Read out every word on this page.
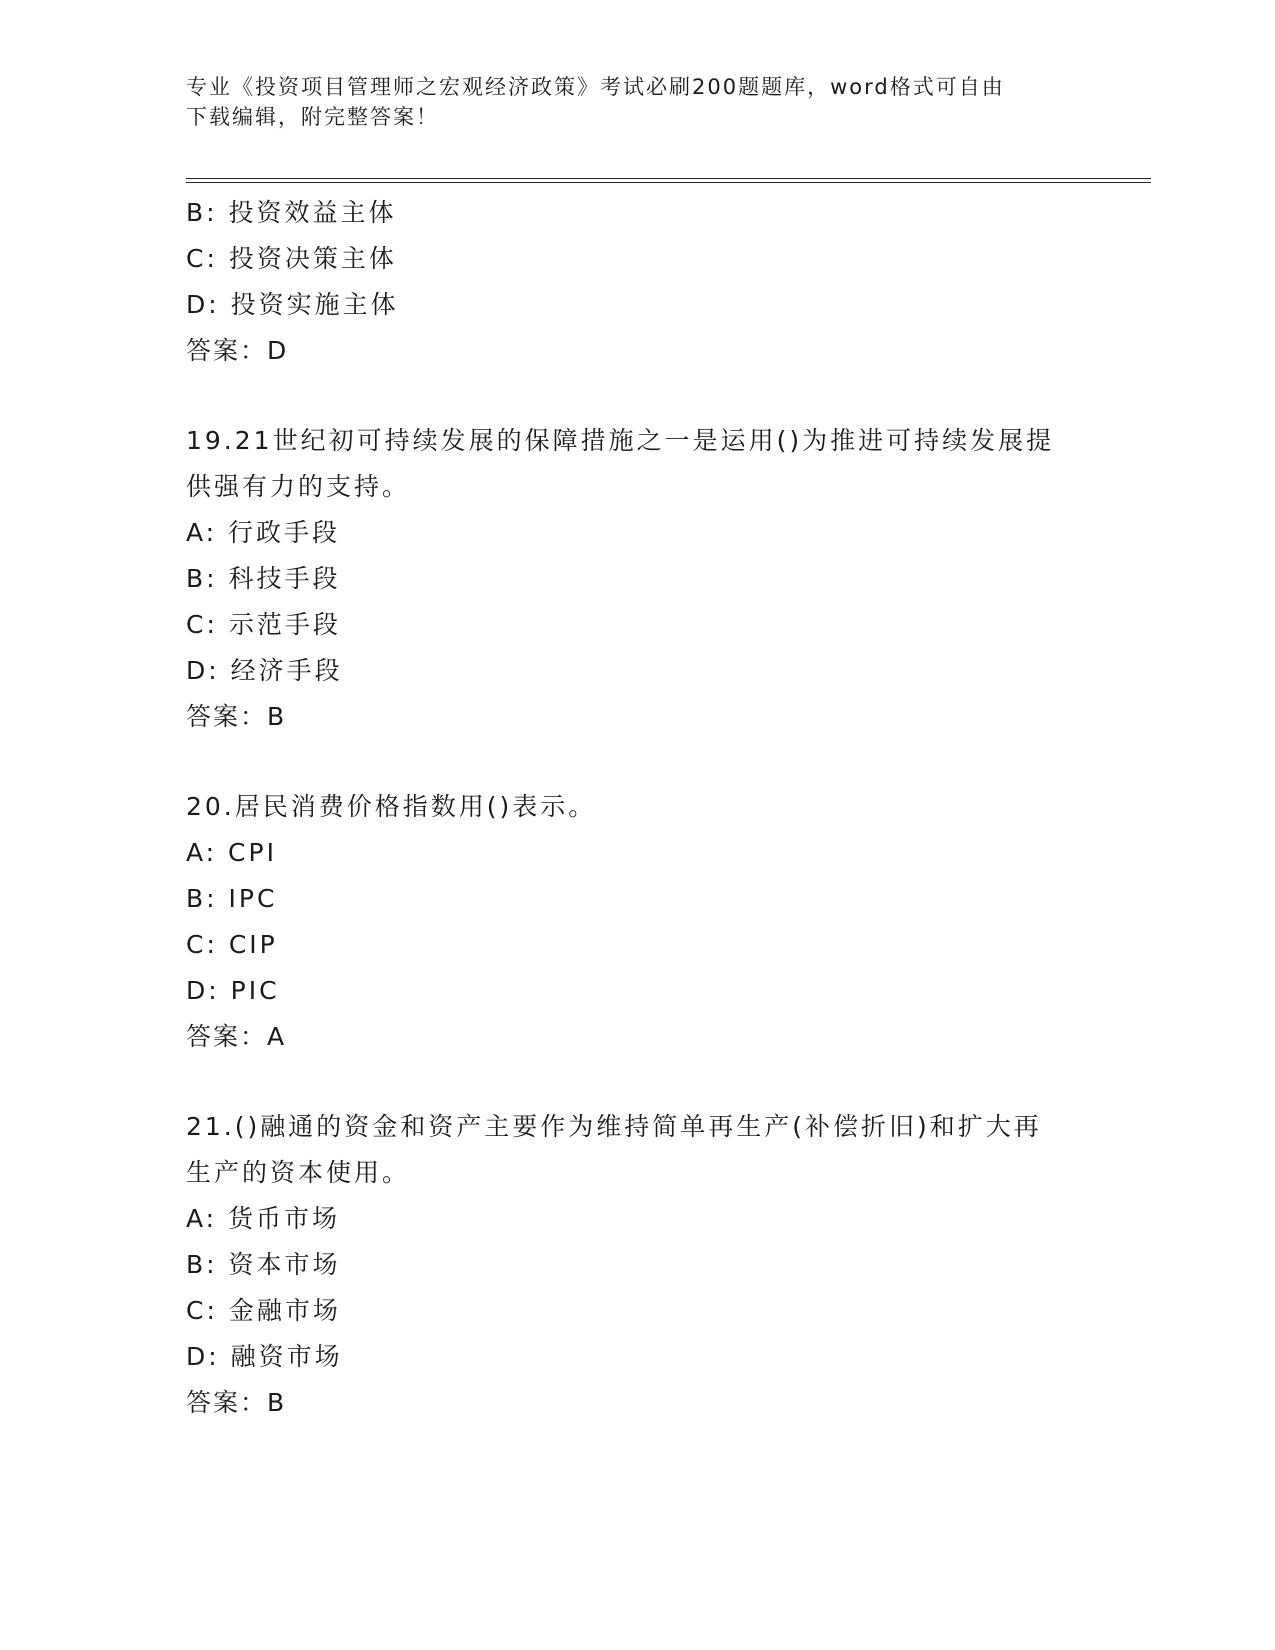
专业《投资项目管理师之宏观经济政策》考试必刷200题题库，word格式可自由
下载编辑，附完整答案！
B: 投资效益主体
C: 投资决策主体
D: 投资实施主体
答案：D
19.21世纪初可持续发展的保障措施之一是运用()为推进可持续发展提
供强有力的支持。
A: 行政手段
B: 科技手段
C: 示范手段
D: 经济手段
答案：B
20.居民消费价格指数用()表示。
A: CPI
B: IPC
C: CIP
D: PIC
答案：A
21.()融通的资金和资产主要作为维持简单再生产(补偿折旧)和扩大再
生产的资本使用。
A: 货币市场
B: 资本市场
C: 金融市场
D: 融资市场
答案：B
